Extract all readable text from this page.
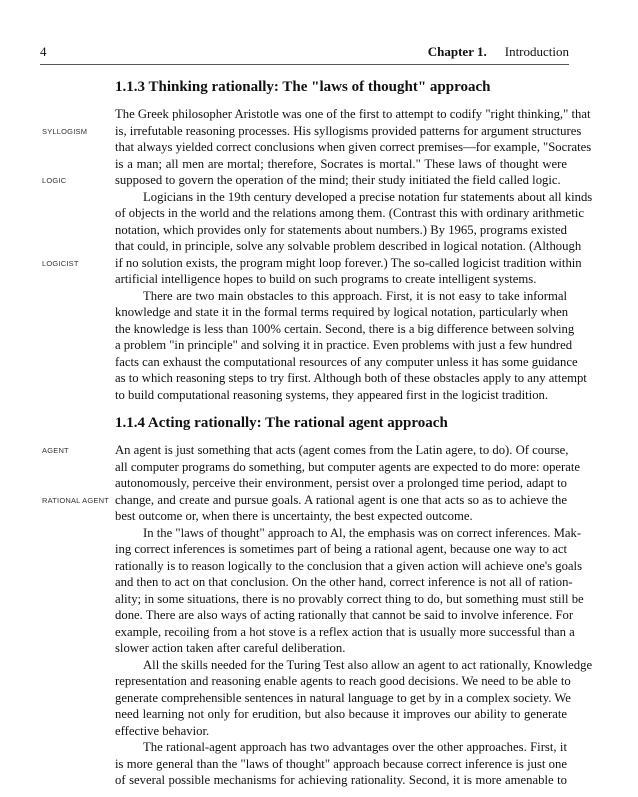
4	Chapter 1. Introduction
1.1.3 Thinking rationally: The "laws of thought" approach
The Greek philosopher Aristotle was one of the first to attempt to codify "right thinking," that
is, irrefutable reasoning processes. His syllogisms provided patterns for argument structures
that always yielded correct conclusions when given correct premises—for example, "Socrates
is a man; all men are mortal; therefore, Socrates is mortal." These laws of thought were
supposed to govern the operation of the mind; their study initiated the field called logic.
Logicians in the 19th century developed a precise notation fur statements about all kinds
of objects in the world and the relations among them. (Contrast this with ordinary arithmetic
notation, which provides only for statements about numbers.) By 1965, programs existed
that could, in principle, solve any solvable problem described in logical notation. (Although
if no solution exists, the program might loop forever.) The so-called logicist tradition within
artificial intelligence hopes to build on such programs to create intelligent systems.
There are two main obstacles to this approach. First, it is not easy to take informal
knowledge and state it in the formal terms required by logical notation, particularly when
the knowledge is less than 100% certain. Second, there is a big difference between solving
a problem "in principle" and solving it in practice. Even problems with just a few hundred
facts can exhaust the computational resources of any computer unless it has some guidance
as to which reasoning steps to try first. Although both of these obstacles apply to any attempt
to build computational reasoning systems, they appeared first in the logicist tradition.
1.1.4 Acting rationally: The rational agent approach
An agent is just something that acts (agent comes from the Latin agere, to do). Of course,
all computer programs do something, but computer agents are expected to do more: operate
autonomously, perceive their environment, persist over a prolonged time period, adapt to
change, and create and pursue goals. A rational agent is one that acts so as to achieve the
best outcome or, when there is uncertainty, the best expected outcome.
In the "laws of thought" approach to Al, the emphasis was on correct inferences. Mak-
ing correct inferences is sometimes part of being a rational agent, because one way to act
rationally is to reason logically to the conclusion that a given action will achieve one's goals
and then to act on that conclusion. On the other hand, correct inference is not all of ration-
ality; in some situations, there is no provably correct thing to do, but something must still be
done. There are also ways of acting rationally that cannot be said to involve inference. For
example, recoiling from a hot stove is a reflex action that is usually more successful than a
slower action taken after careful deliberation.
All the skills needed for the Turing Test also allow an agent to act rationally, Knowledge
representation and reasoning enable agents to reach good decisions. We need to be able to
generate comprehensible sentences in natural language to get by in a complex society. We
need learning not only for erudition, but also because it improves our ability to generate
effective behavior.
The rational-agent approach has two advantages over the other approaches. First, it
is more general than the "laws of thought" approach because correct inference is just one
of several possible mechanisms for achieving rationality. Second, it is more amenable to
SYLLOGISM
LOGIC
LOGICIST
AGENT
RATIONAL AGENT
